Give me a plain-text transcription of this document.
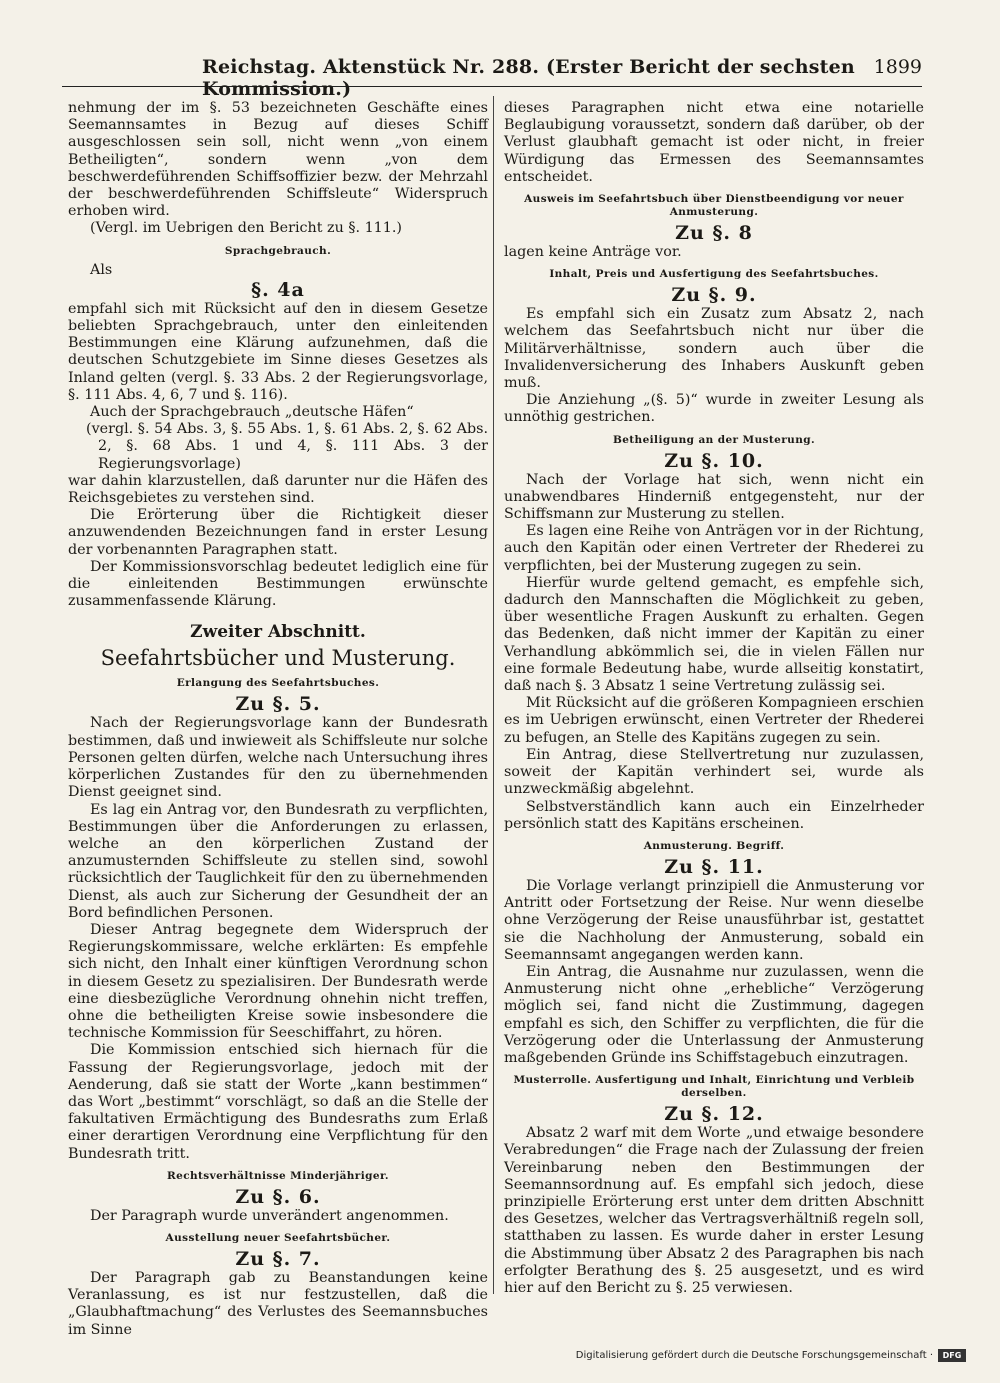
Reichstag. Aktenstück Nr. 288. (Erster Bericht der sechsten Kommission.)
1899

nehmung der im §. 53 bezeichneten Geschäfte eines Seemannsamtes in Bezug auf dieses Schiff ausgeschlossen sein soll, nicht wenn „von einem Betheiligten“, sondern wenn „von dem beschwerdeführenden Schiffsoffizier bezw. der Mehrzahl der beschwerdeführenden Schiffsleute“ Widerspruch erhoben wird.

(Vergl. im Uebrigen den Bericht zu §. 111.)

Sprachgebrauch.

Als

§. 4a

empfahl sich mit Rücksicht auf den in diesem Gesetze beliebten Sprachgebrauch, unter den einleitenden Bestimmungen eine Klärung aufzunehmen, daß die deutschen Schutzgebiete im Sinne dieses Gesetzes als Inland gelten (vergl. §. 33 Abs. 2 der Regierungsvorlage, §. 111 Abs. 4, 6, 7 und §. 116).

Auch der Sprachgebrauch „deutsche Häfen“

(vergl. §. 54 Abs. 3, §. 55 Abs. 1, §. 61 Abs. 2, §. 62 Abs. 2, §. 68 Abs. 1 und 4, §. 111 Abs. 3 der Regierungsvorlage)

war dahin klarzustellen, daß darunter nur die Häfen des Reichsgebietes zu verstehen sind.

Die Erörterung über die Richtigkeit dieser anzuwendenden Bezeichnungen fand in erster Lesung der vorbenannten Paragraphen statt.

Der Kommissionsvorschlag bedeutet lediglich eine für die einleitenden Bestimmungen erwünschte zusammenfassende Klärung.

Zweiter Abschnitt.
Seefahrtsbücher und Musterung.
Erlangung des Seefahrtsbuches.
Zu §. 5.

Nach der Regierungsvorlage kann der Bundesrath bestimmen, daß und inwieweit als Schiffsleute nur solche Personen gelten dürfen, welche nach Untersuchung ihres körperlichen Zustandes für den zu übernehmenden Dienst geeignet sind.

Es lag ein Antrag vor, den Bundesrath zu verpflichten, Bestimmungen über die Anforderungen zu erlassen, welche an den körperlichen Zustand der anzumusternden Schiffsleute zu stellen sind, sowohl rücksichtlich der Tauglichkeit für den zu übernehmenden Dienst, als auch zur Sicherung der Gesundheit der an Bord befindlichen Personen.

Dieser Antrag begegnete dem Widerspruch der Regierungskommissare, welche erklärten: Es empfehle sich nicht, den Inhalt einer künftigen Verordnung schon in diesem Gesetz zu spezialisiren. Der Bundesrath werde eine diesbezügliche Verordnung ohnehin nicht treffen, ohne die betheiligten Kreise sowie insbesondere die technische Kommission für Seeschiffahrt, zu hören.

Die Kommission entschied sich hiernach für die Fassung der Regierungsvorlage, jedoch mit der Aenderung, daß sie statt der Worte „kann bestimmen“ das Wort „bestimmt“ vorschlägt, so daß an die Stelle der fakultativen Ermächtigung des Bundesraths zum Erlaß einer derartigen Verordnung eine Verpflichtung für den Bundesrath tritt.

Rechtsverhältnisse Minderjähriger.
Zu §. 6.

Der Paragraph wurde unverändert angenommen.

Ausstellung neuer Seefahrtsbücher.
Zu §. 7.

Der Paragraph gab zu Beanstandungen keine Veranlassung, es ist nur festzustellen, daß die „Glaubhaftmachung“ des Verlustes des Seemannsbuches im Sinne

dieses Paragraphen nicht etwa eine notarielle Beglaubigung voraussetzt, sondern daß darüber, ob der Verlust glaubhaft gemacht ist oder nicht, in freier Würdigung das Ermessen des Seemannsamtes entscheidet.

Ausweis im Seefahrtsbuch über Dienstbeendigung vor neuer Anmusterung.
Zu §. 8

lagen keine Anträge vor.

Inhalt, Preis und Ausfertigung des Seefahrtsbuches.
Zu §. 9.

Es empfahl sich ein Zusatz zum Absatz 2, nach welchem das Seefahrtsbuch nicht nur über die Militärverhältnisse, sondern auch über die Invalidenversicherung des Inhabers Auskunft geben muß.

Die Anziehung „(§. 5)“ wurde in zweiter Lesung als unnöthig gestrichen.

Betheiligung an der Musterung.
Zu §. 10.

Nach der Vorlage hat sich, wenn nicht ein unabwendbares Hinderniß entgegensteht, nur der Schiffsmann zur Musterung zu stellen.

Es lagen eine Reihe von Anträgen vor in der Richtung, auch den Kapitän oder einen Vertreter der Rhederei zu verpflichten, bei der Musterung zugegen zu sein.

Hierfür wurde geltend gemacht, es empfehle sich, dadurch den Mannschaften die Möglichkeit zu geben, über wesentliche Fragen Auskunft zu erhalten. Gegen das Bedenken, daß nicht immer der Kapitän zu einer Verhandlung abkömmlich sei, die in vielen Fällen nur eine formale Bedeutung habe, wurde allseitig konstatirt, daß nach §. 3 Absatz 1 seine Vertretung zulässig sei.

Mit Rücksicht auf die größeren Kompagnieen erschien es im Uebrigen erwünscht, einen Vertreter der Rhederei zu befugen, an Stelle des Kapitäns zugegen zu sein.

Ein Antrag, diese Stellvertretung nur zuzulassen, soweit der Kapitän verhindert sei, wurde als unzweckmäßig abgelehnt.

Selbstverständlich kann auch ein Einzelrheder persönlich statt des Kapitäns erscheinen.

Anmusterung. Begriff.
Zu §. 11.

Die Vorlage verlangt prinzipiell die Anmusterung vor Antritt oder Fortsetzung der Reise. Nur wenn dieselbe ohne Verzögerung der Reise unausführbar ist, gestattet sie die Nachholung der Anmusterung, sobald ein Seemannsamt angegangen werden kann.

Ein Antrag, die Ausnahme nur zuzulassen, wenn die Anmusterung nicht ohne „erhebliche“ Verzögerung möglich sei, fand nicht die Zustimmung, dagegen empfahl es sich, den Schiffer zu verpflichten, die für die Verzögerung oder die Unterlassung der Anmusterung maßgebenden Gründe ins Schiffstagebuch einzutragen.

Musterrolle. Ausfertigung und Inhalt, Einrichtung und Verbleib derselben.
Zu §. 12.

Absatz 2 warf mit dem Worte „und etwaige besondere Verabredungen“ die Frage nach der Zulassung der freien Vereinbarung neben den Bestimmungen der Seemannsordnung auf. Es empfahl sich jedoch, diese prinzipielle Erörterung erst unter dem dritten Abschnitt des Gesetzes, welcher das Vertragsverhältniß regeln soll, statthaben zu lassen. Es wurde daher in erster Lesung die Abstimmung über Absatz 2 des Paragraphen bis nach erfolgter Berathung des §. 25 ausgesetzt, und es wird hier auf den Bericht zu §. 25 verwiesen.

Digitalisierung gefördert durch die Deutsche Forschungsgemeinschaft ·	DFG
